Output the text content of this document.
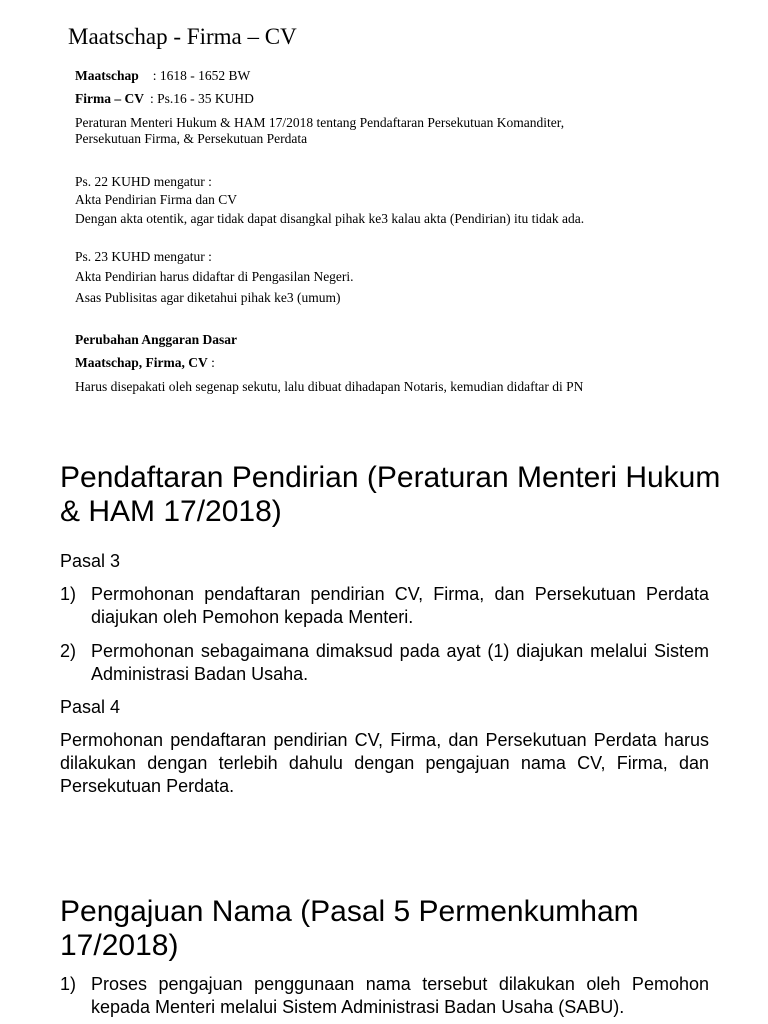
Maatschap - Firma – CV
Maatschap : 1618 - 1652 BW
Firma – CV : Ps.16 - 35 KUHD
Peraturan Menteri Hukum & HAM 17/2018 tentang Pendaftaran Persekutuan Komanditer,
Persekutuan Firma, & Persekutuan Perdata
Ps. 22 KUHD mengatur :
Akta Pendirian Firma dan CV
Dengan akta otentik, agar tidak dapat disangkal pihak ke3 kalau akta (Pendirian) itu tidak ada.
Ps. 23 KUHD mengatur :
Akta Pendirian harus didaftar di Pengasilan Negeri.
Asas Publisitas agar diketahui pihak ke3 (umum)
Perubahan Anggaran Dasar
Maatschap, Firma, CV :
Harus disepakati oleh segenap sekutu, lalu dibuat dihadapan Notaris, kemudian didaftar di PN
Pendaftaran Pendirian (Peraturan Menteri Hukum & HAM 17/2018)
Pasal 3
1) Permohonan pendaftaran pendirian CV, Firma, dan Persekutuan Perdata diajukan oleh Pemohon kepada Menteri.
2) Permohonan sebagaimana dimaksud pada ayat (1) diajukan melalui Sistem Administrasi Badan Usaha.
Pasal 4
Permohonan pendaftaran pendirian CV, Firma, dan Persekutuan Perdata harus dilakukan dengan terlebih dahulu dengan pengajuan nama CV, Firma, dan Persekutuan Perdata.
Pengajuan Nama (Pasal 5 Permenkumham 17/2018)
1) Proses pengajuan penggunaan nama tersebut dilakukan oleh Pemohon kepada Menteri melalui Sistem Administrasi Badan Usaha (SABU).
